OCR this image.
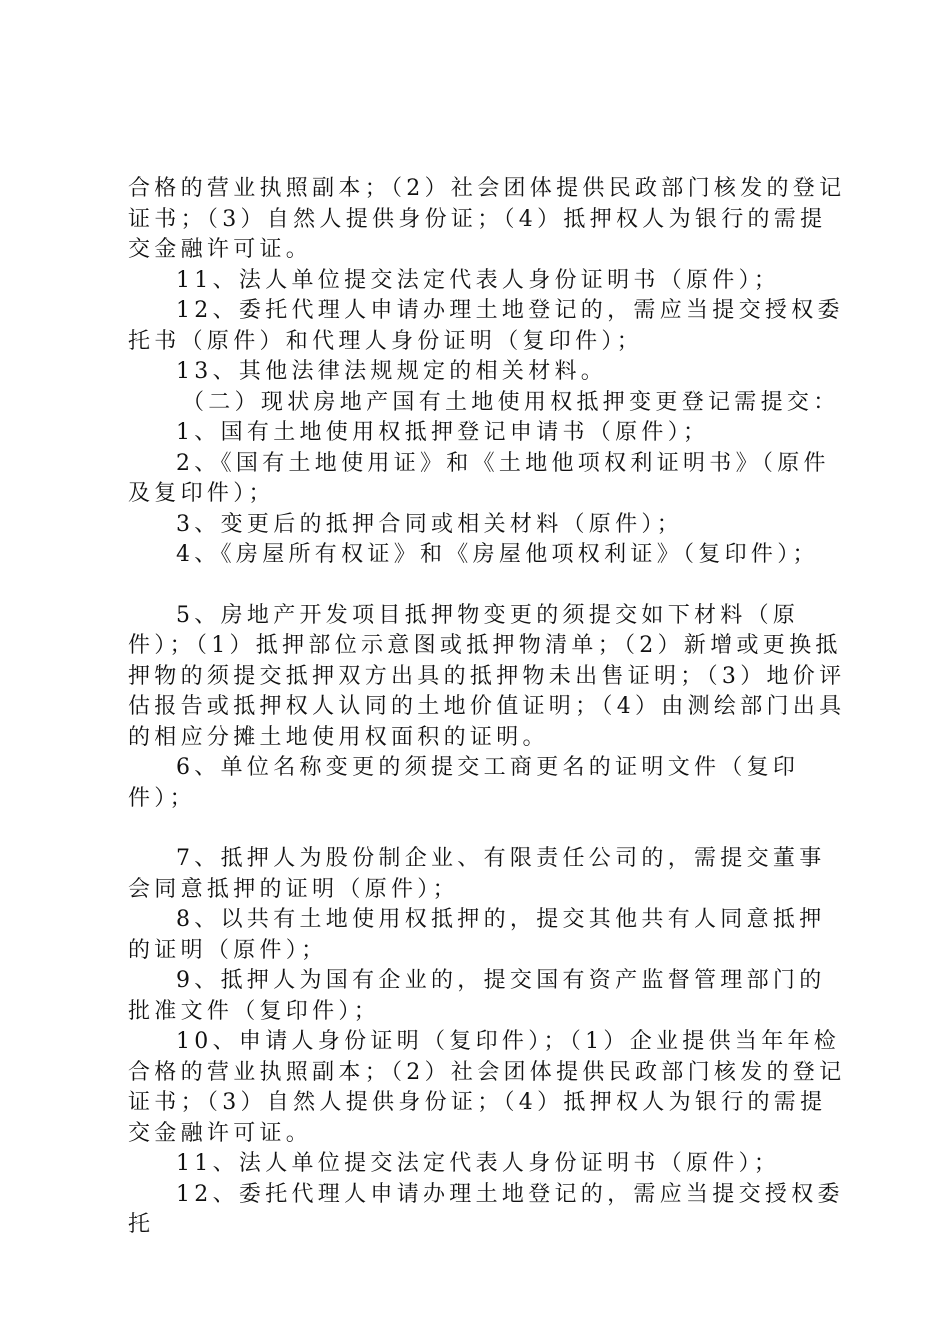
合格的营业执照副本；（2）社会团体提供民政部门核发的登记证书；（3）自然人提供身份证；（4）抵押权人为银行的需提交金融许可证。

11、法人单位提交法定代表人身份证明书（原件）；

12、委托代理人申请办理土地登记的，需应当提交授权委托书（原件）和代理人身份证明（复印件）；

13、其他法律法规规定的相关材料。

（二）现状房地产国有土地使用权抵押变更登记需提交：

1、国有土地使用权抵押登记申请书（原件）；

2、《国有土地使用证》和《土地他项权利证明书》（原件及复印件）；

3、变更后的抵押合同或相关材料（原件）；

4、《房屋所有权证》和《房屋他项权利证》（复印件）；

5、房地产开发项目抵押物变更的须提交如下材料（原件）；（1）抵押部位示意图或抵押物清单；（2）新增或更换抵押物的须提交抵押双方出具的抵押物未出售证明；（3）地价评估报告或抵押权人认同的土地价值证明；（4）由测绘部门出具的相应分摊土地使用权面积的证明。

6、单位名称变更的须提交工商更名的证明文件（复印件）；

7、抵押人为股份制企业、有限责任公司的，需提交董事会同意抵押的证明（原件）；

8、以共有土地使用权抵押的，提交其他共有人同意抵押的证明（原件）；

9、抵押人为国有企业的，提交国有资产监督管理部门的批准文件（复印件）；

10、申请人身份证明（复印件）；（1）企业提供当年年检合格的营业执照副本；（2）社会团体提供民政部门核发的登记证书；（3）自然人提供身份证；（4）抵押权人为银行的需提交金融许可证。

11、法人单位提交法定代表人身份证明书（原件）；

12、委托代理人申请办理土地登记的，需应当提交授权委托
